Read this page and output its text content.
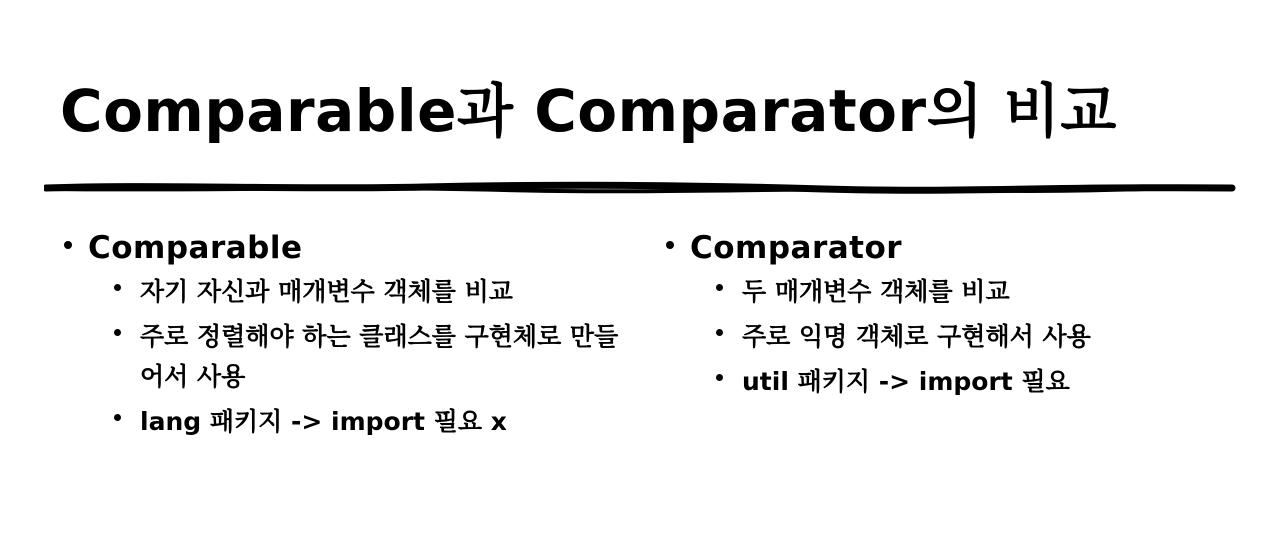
Comparable과 Comparator의 비교
Comparable
자기 자신과 매개변수 객체를 비교
주로 정렬해야 하는 클래스를 구현체로 만들어서 사용
lang 패키지 -> import 필요 x
Comparator
두 매개변수 객체를 비교
주로 익명 객체로 구현해서 사용
util 패키지 -> import 필요
